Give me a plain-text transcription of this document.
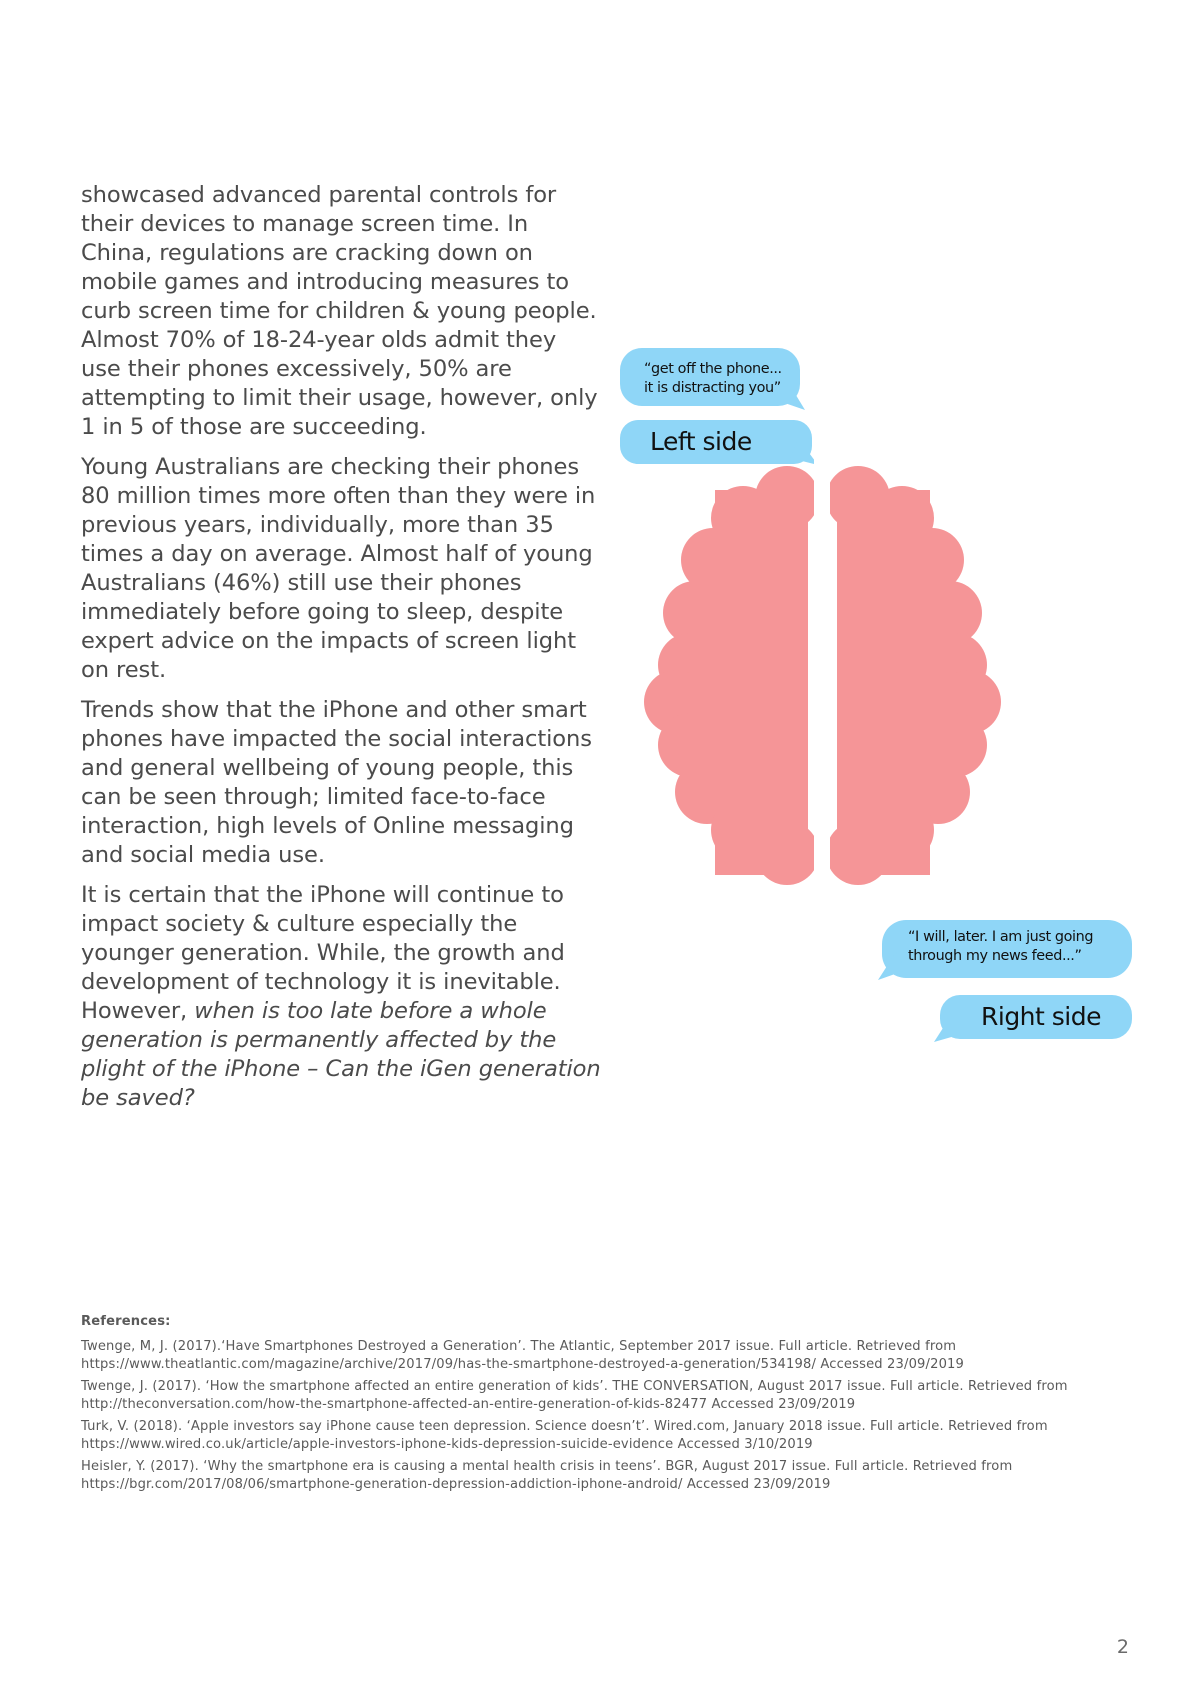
showcased advanced parental controls for their devices to manage screen time. In China, regulations are cracking down on mobile games and introducing measures to curb screen time for children & young people. Almost 70% of 18-24-year olds admit they use their phones excessively, 50% are attempting to limit their usage, however, only 1 in 5 of those are succeeding.

Young Australians are checking their phones 80 million times more often than they were in previous years, individually, more than 35 times a day on average. Almost half of young Australians (46%) still use their phones immediately before going to sleep, despite expert advice on the impacts of screen light on rest.

Trends show that the iPhone and other smart phones have impacted the social interactions and general wellbeing of young people, this can be seen through; limited face-to-face interaction, high levels of Online messaging and social media use.

It is certain that the iPhone will continue to impact society & culture especially the younger generation. While, the growth and development of technology it is inevitable. However, when is too late before a whole generation is permanently affected by the plight of the iPhone – Can the iGen generation be saved?

“get off the phone...
it is distracting you”
Left side
“I will, later. I am just going
through my news feed...”
Right side
References:
Twenge, M, J. (2017).‘Have Smartphones Destroyed a Generation’. The Atlantic, September 2017 issue. Full article. Retrieved from https://www.theatlantic.com/magazine/archive/2017/09/has-the-smartphone-destroyed-a-generation/534198/ Accessed 23/09/2019
Twenge, J. (2017). ‘How the smartphone affected an entire generation of kids’. THE CONVERSATION, August 2017 issue. Full article. Retrieved from http://theconversation.com/how-the-smartphone-affected-an-entire-generation-of-kids-82477 Accessed 23/09/2019
Turk, V. (2018). ‘Apple investors say iPhone cause teen depression. Science doesn’t’. Wired.com, January 2018 issue. Full article. Retrieved from https://www.wired.co.uk/article/apple-investors-iphone-kids-depression-suicide-evidence Accessed 3/10/2019
Heisler, Y. (2017). ‘Why the smartphone era is causing a mental health crisis in teens’. BGR, August 2017 issue. Full article. Retrieved from https://bgr.com/2017/08/06/smartphone-generation-depression-addiction-iphone-android/ Accessed 23/09/2019
2
